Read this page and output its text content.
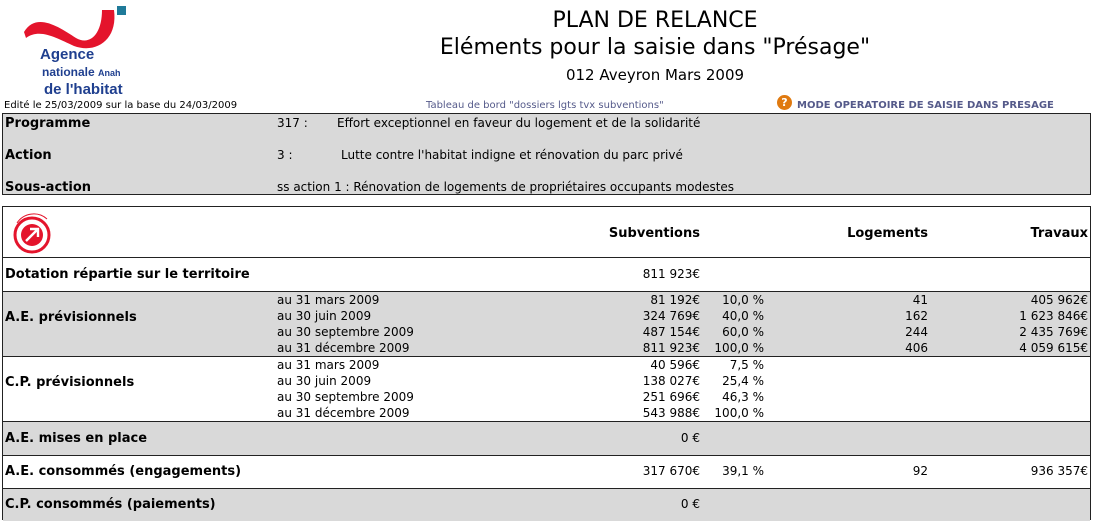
Agence
nationale
de l'habitat
Anah
PLAN DE RELANCE
Eléments pour la saisie dans "Présage"
012 Aveyron Mars 2009
Edité le 25/03/2009 sur la base du 24/03/2009	Tableau de bord "dossiers lgts tvx subventions"	? MODE OPERATOIRE DE SAISIE DANS PRESAGE
Programme	317 : Effort exceptionnel en faveur du logement et de la solidarité
Action	3 :	Lutte contre l'habitat indigne et rénovation du parc privé
Sous-action	ss action 1 : Rénovation de logements de propriétaires occupants modestes
Subventions	Logements	Travaux
Dotation répartie sur le territoire	811 923€
A.E. prévisionnels
au 31 mars 2009	81 192€ 10,0 %	41	405 962€
au 30 juin 2009	324 769€ 40,0 %	162	1 623 846€
au 30 septembre 2009	487 154€ 60,0 %	244	2 435 769€
au 31 décembre 2009	811 923€ 100,0 %	406	4 059 615€
C.P. prévisionnels
au 31 mars 2009	40 596€ 7,5 %
au 30 juin 2009	138 027€ 25,4 %
au 30 septembre 2009	251 696€ 46,3 %
au 31 décembre 2009	543 988€ 100,0 %
A.E. mises en place	0 €
A.E. consommés (engagements)	317 670€ 39,1 %	92	936 357€
C.P. consommés (paiements)	0 €
